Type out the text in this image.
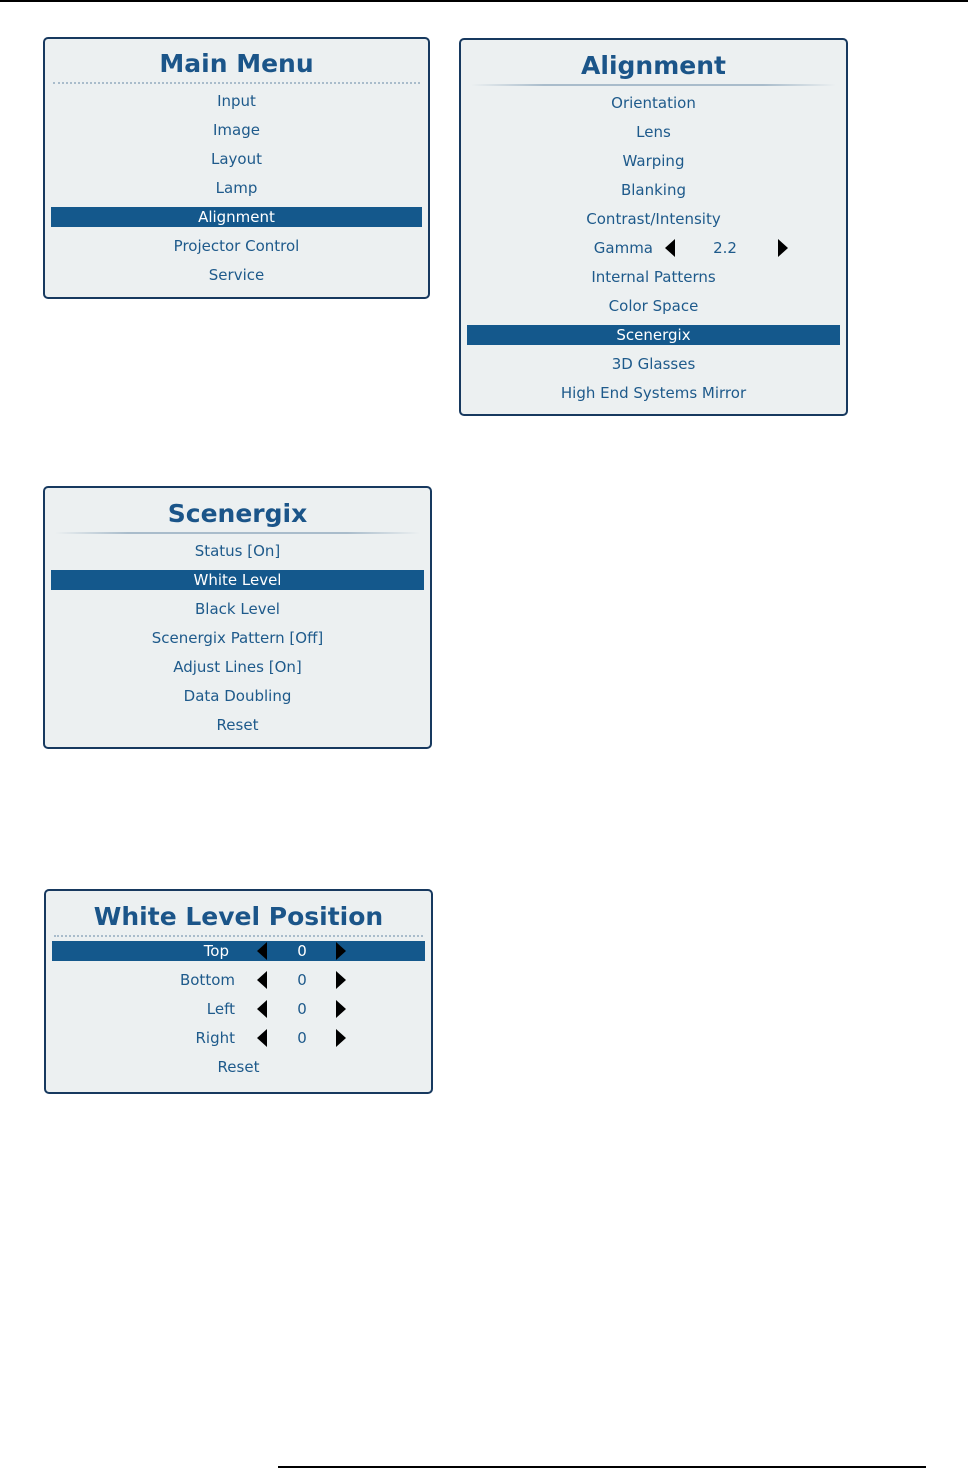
Main Menu
Input
Image
Layout
Lamp
Alignment
Projector Control
Service
Alignment
Orientation
Lens
Warping
Blanking
Contrast/Intensity
Gamma	2.2
Internal Patterns
Color Space
Scenergix
3D Glasses
High End Systems Mirror
Scenergix
Status [On]
White Level
Black Level
Scenergix Pattern [Off]
Adjust Lines [On]
Data Doubling
Reset
White Level Position
Top	0
Bottom	0
Left	0
Right	0
Reset
